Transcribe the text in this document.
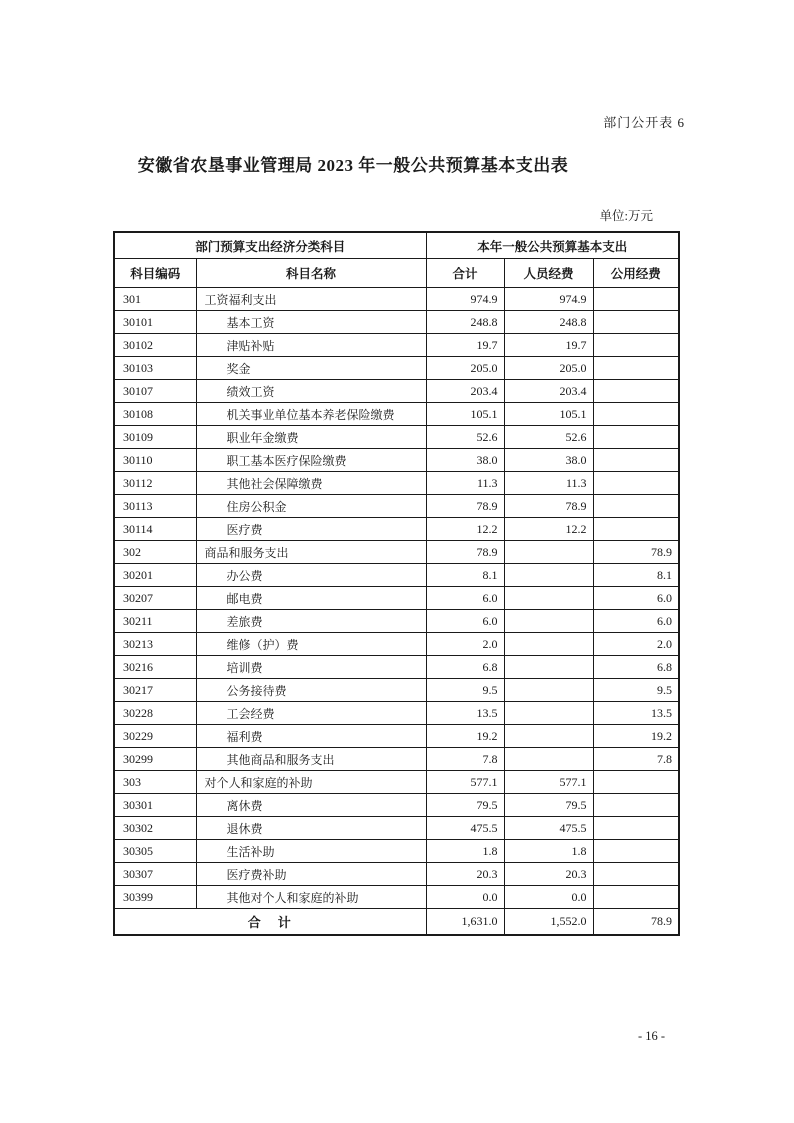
部门公开表 6
安徽省农垦事业管理局 2023 年一般公共预算基本支出表
单位:万元
部门预算支出经济分类科目		本年一般公共预算基本支出		
科目编码	科目名称	合计	人员经费	公用经费
301	工资福利支出	974.9	974.9	
30101	基本工资	248.8	248.8	
30102	津贴补贴	19.7	19.7	
30103	奖金	205.0	205.0	
30107	绩效工资	203.4	203.4	
30108	机关事业单位基本养老保险缴费	105.1	105.1	
30109	职业年金缴费	52.6	52.6	
30110	职工基本医疗保险缴费	38.0	38.0	
30112	其他社会保障缴费	11.3	11.3	
30113	住房公积金	78.9	78.9	
30114	医疗费	12.2	12.2	
302	商品和服务支出	78.9		78.9
30201	办公费	8.1		8.1
30207	邮电费	6.0		6.0
30211	差旅费	6.0		6.0
30213	维修（护）费	2.0		2.0
30216	培训费	6.8		6.8
30217	公务接待费	9.5		9.5
30228	工会经费	13.5		13.5
30229	福利费	19.2		19.2
30299	其他商品和服务支出	7.8		7.8
303	对个人和家庭的补助	577.1	577.1	
30301	离休费	79.5	79.5	
30302	退休费	475.5	475.5	
30305	生活补助	1.8	1.8	
30307	医疗费补助	20.3	20.3	
30399	其他对个人和家庭的补助	0.0	0.0	
合　计		1,631.0	1,552.0	78.9
- 16 -
